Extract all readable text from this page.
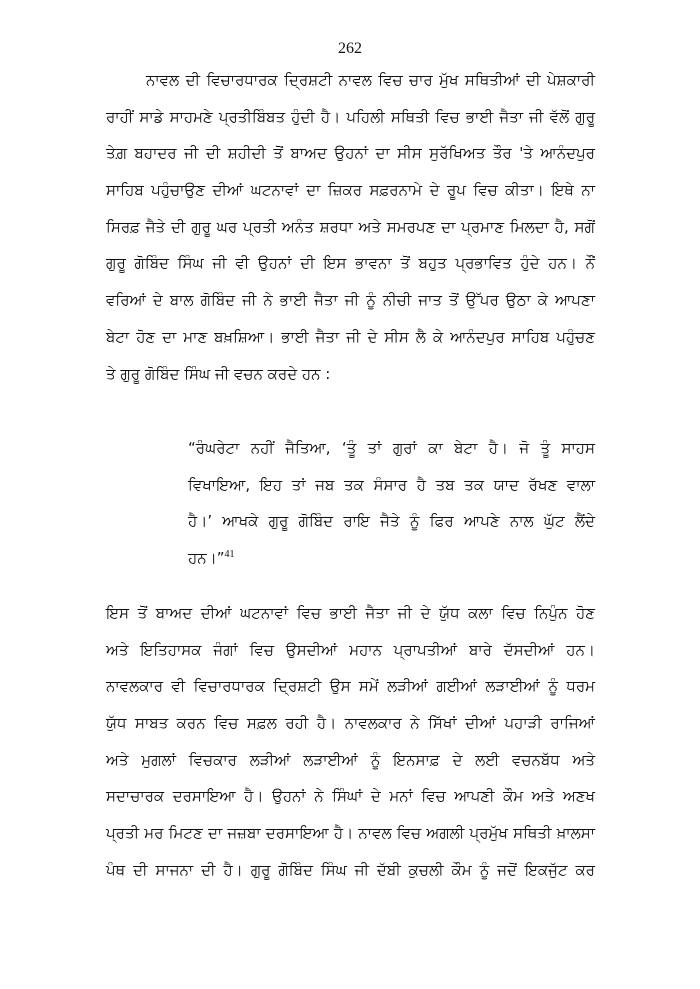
262
ਨਾਵਲ ਦੀ ਵਿਚਾਰਧਾਰਕ ਦ੍ਰਿਸ਼ਟੀ ਨਾਵਲ ਵਿਚ ਚਾਰ ਮੁੱਖ ਸਥਿਤੀਆਂ ਦੀ ਪੇਸ਼ਕਾਰੀ
ਰਾਹੀਂ ਸਾਡੇ ਸਾਹਮਣੇ ਪ੍ਰਤੀਬਿੰਬਤ ਹੁੰਦੀ ਹੈ। ਪਹਿਲੀ ਸਥਿਤੀ ਵਿਚ ਭਾਈ ਜੈਤਾ ਜੀ ਵੱਲੋਂ ਗੁਰੂ
ਤੇਗ਼ ਬਹਾਦਰ ਜੀ ਦੀ ਸ਼ਹੀਦੀ ਤੋਂ ਬਾਅਦ ਉਹਨਾਂ ਦਾ ਸੀਸ ਸੁਰੱਖਿਅਤ ਤੌਰ 'ਤੇ ਆਨੰਦਪੁਰ
ਸਾਹਿਬ ਪਹੁੰਚਾਉਣ ਦੀਆਂ ਘਟਨਾਵਾਂ ਦਾ ਜ਼ਿਕਰ ਸਫ਼ਰਨਾਮੇ ਦੇ ਰੂਪ ਵਿਚ ਕੀਤਾ। ਇਥੇ ਨਾ
ਸਿਰਫ਼ ਜੈਤੇ ਦੀ ਗੁਰੂ ਘਰ ਪ੍ਰਤੀ ਅਨੰਤ ਸ਼ਰਧਾ ਅਤੇ ਸਮਰਪਣ ਦਾ ਪ੍ਰਮਾਣ ਮਿਲਦਾ ਹੈ, ਸਗੋਂ
ਗੁਰੂ ਗੋਬਿੰਦ ਸਿੰਘ ਜੀ ਵੀ ਉਹਨਾਂ ਦੀ ਇਸ ਭਾਵਨਾ ਤੋਂ ਬਹੁਤ ਪ੍ਰਭਾਵਿਤ ਹੁੰਦੇ ਹਨ। ਨੌਂ
ਵਰਿਆਂ ਦੇ ਬਾਲ ਗੋਬਿੰਦ ਜੀ ਨੇ ਭਾਈ ਜੈਤਾ ਜੀ ਨੂੰ ਨੀਚੀ ਜਾਤ ਤੋਂ ਉੱਪਰ ਉਠਾ ਕੇ ਆਪਣਾ
ਬੇਟਾ ਹੋਣ ਦਾ ਮਾਣ ਬਖ਼ਸ਼ਿਆ। ਭਾਈ ਜੈਤਾ ਜੀ ਦੇ ਸੀਸ ਲੈ ਕੇ ਆਨੰਦਪੁਰ ਸਾਹਿਬ ਪਹੁੰਚਣ
ਤੇ ਗੁਰੂ ਗੋਬਿੰਦ ਸਿੰਘ ਜੀ ਵਚਨ ਕਰਦੇ ਹਨ :
“ਰੰਘਰੇਟਾ ਨਹੀਂ ਜੈਤਿਆ, ‘ਤੂੰ ਤਾਂ ਗੁਰਾਂ ਕਾ ਬੇਟਾ ਹੈ। ਜੋ ਤੂੰ ਸਾਹਸ
ਵਿਖਾਇਆ, ਇਹ ਤਾਂ ਜਬ ਤਕ ਸੰਸਾਰ ਹੈ ਤਬ ਤਕ ਯਾਦ ਰੱਖਣ ਵਾਲਾ
ਹੈ।’ ਆਖਕੇ ਗੁਰੂ ਗੋਬਿੰਦ ਰਾਇ ਜੈਤੇ ਨੂੰ ਫਿਰ ਆਪਣੇ ਨਾਲ ਘੁੱਟ ਲੈਂਦੇ
ਹਨ।”$^{41}$
ਇਸ ਤੋਂ ਬਾਅਦ ਦੀਆਂ ਘਟਨਾਵਾਂ ਵਿਚ ਭਾਈ ਜੈਤਾ ਜੀ ਦੇ ਯੁੱਧ ਕਲਾ ਵਿਚ ਨਿਪੁੰਨ ਹੋਣ
ਅਤੇ ਇਤਿਹਾਸਕ ਜੰਗਾਂ ਵਿਚ ਉਸਦੀਆਂ ਮਹਾਨ ਪ੍ਰਾਪਤੀਆਂ ਬਾਰੇ ਦੱਸਦੀਆਂ ਹਨ।
ਨਾਵਲਕਾਰ ਵੀ ਵਿਚਾਰਧਾਰਕ ਦ੍ਰਿਸ਼ਟੀ ਉਸ ਸਮੇਂ ਲੜੀਆਂ ਗਈਆਂ ਲੜਾਈਆਂ ਨੂੰ ਧਰਮ
ਯੁੱਧ ਸਾਬਤ ਕਰਨ ਵਿਚ ਸਫ਼ਲ ਰਹੀ ਹੈ। ਨਾਵਲਕਾਰ ਨੇ ਸਿੱਖਾਂ ਦੀਆਂ ਪਹਾੜੀ ਰਾਜਿਆਂ
ਅਤੇ ਮੁਗਲਾਂ ਵਿਚਕਾਰ ਲੜੀਆਂ ਲੜਾਈਆਂ ਨੂੰ ਇਨਸਾਫ਼ ਦੇ ਲਈ ਵਚਨਬੱਧ ਅਤੇ
ਸਦਾਚਾਰਕ ਦਰਸਾਇਆ ਹੈ। ਉਹਨਾਂ ਨੇ ਸਿੰਘਾਂ ਦੇ ਮਨਾਂ ਵਿਚ ਆਪਣੀ ਕੌਮ ਅਤੇ ਅਣਖ
ਪ੍ਰਤੀ ਮਰ ਮਿਟਣ ਦਾ ਜਜ਼ਬਾ ਦਰਸਾਇਆ ਹੈ। ਨਾਵਲ ਵਿਚ ਅਗਲੀ ਪ੍ਰਮੁੱਖ ਸਥਿਤੀ ਖ਼ਾਲਸਾ
ਪੰਥ ਦੀ ਸਾਜਨਾ ਦੀ ਹੈ। ਗੁਰੂ ਗੋਬਿੰਦ ਸਿੰਘ ਜੀ ਦੱਬੀ ਕੁਚਲੀ ਕੌਮ ਨੂੰ ਜਦੋਂ ਇਕਜੁੱਟ ਕਰ
